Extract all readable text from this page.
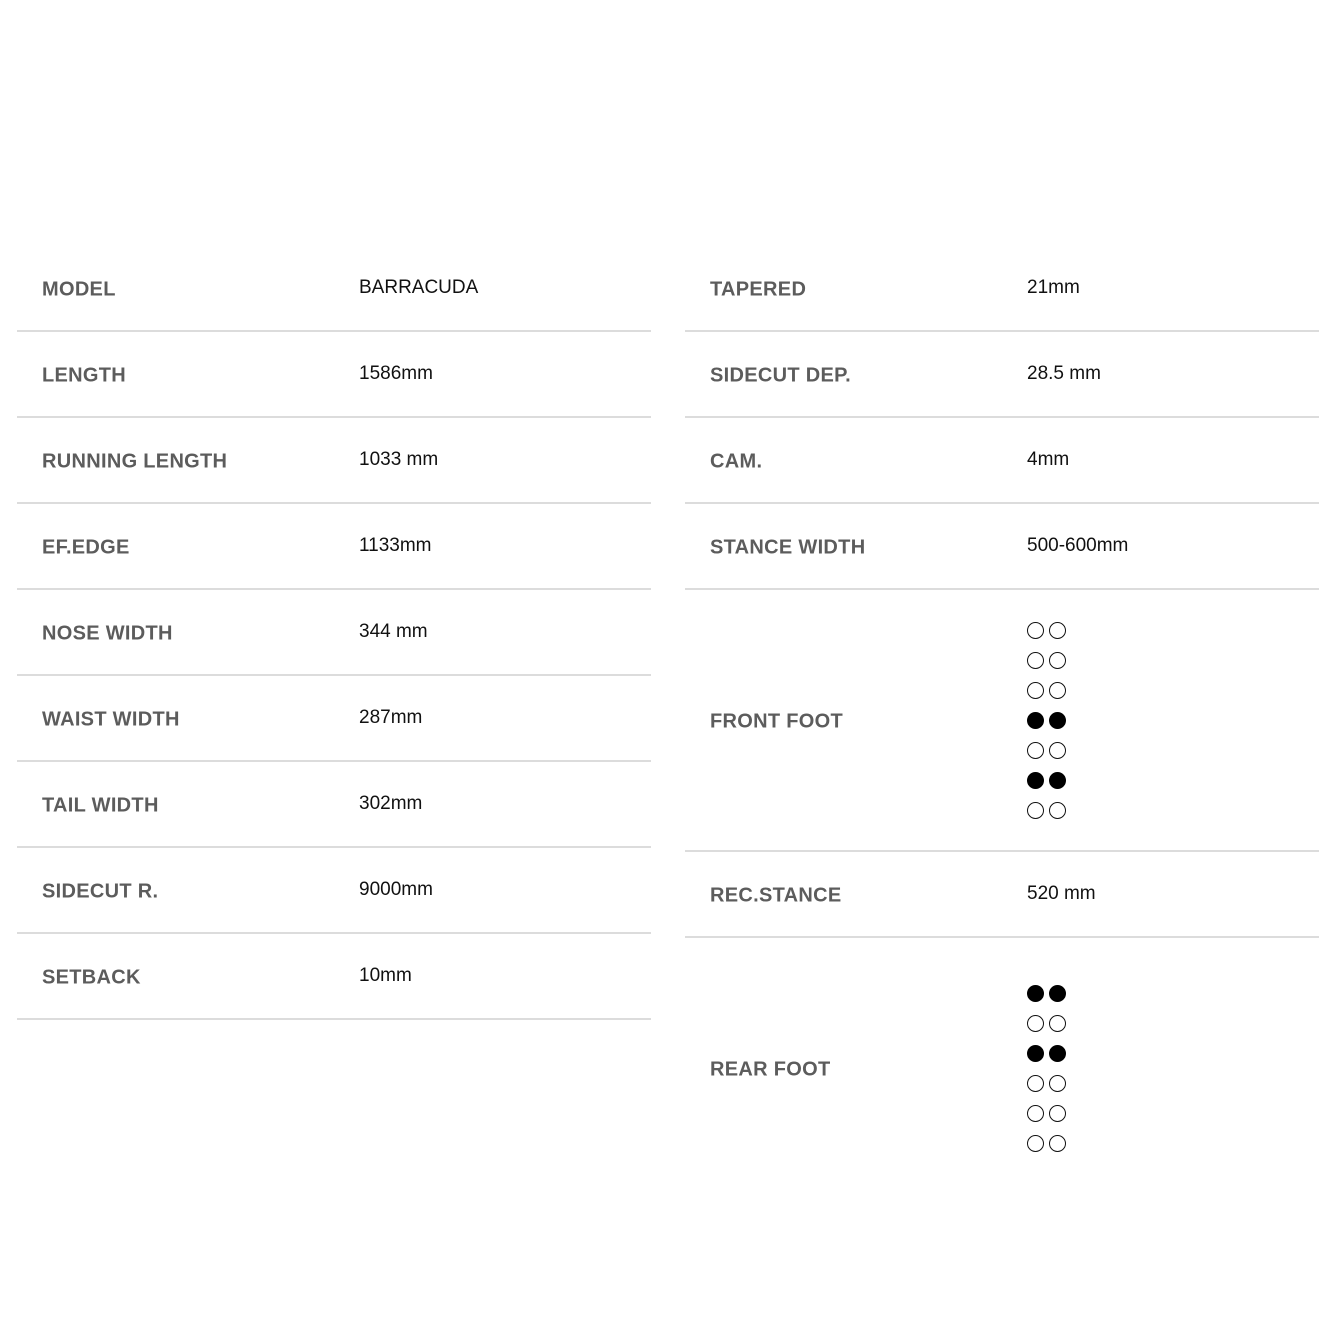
MODEL	BARRACUDA
LENGTH	1586mm
RUNNING LENGTH	1033 mm
EF.EDGE	1133mm
NOSE WIDTH	344 mm
WAIST WIDTH	287mm
TAIL WIDTH	302mm
SIDECUT R.	9000mm
SETBACK	10mm
TAPERED	21mm
SIDECUT DEP.	28.5 mm
CAM.	4mm
STANCE WIDTH	500-600mm
FRONT FOOT
REC.STANCE	520 mm
REAR FOOT
